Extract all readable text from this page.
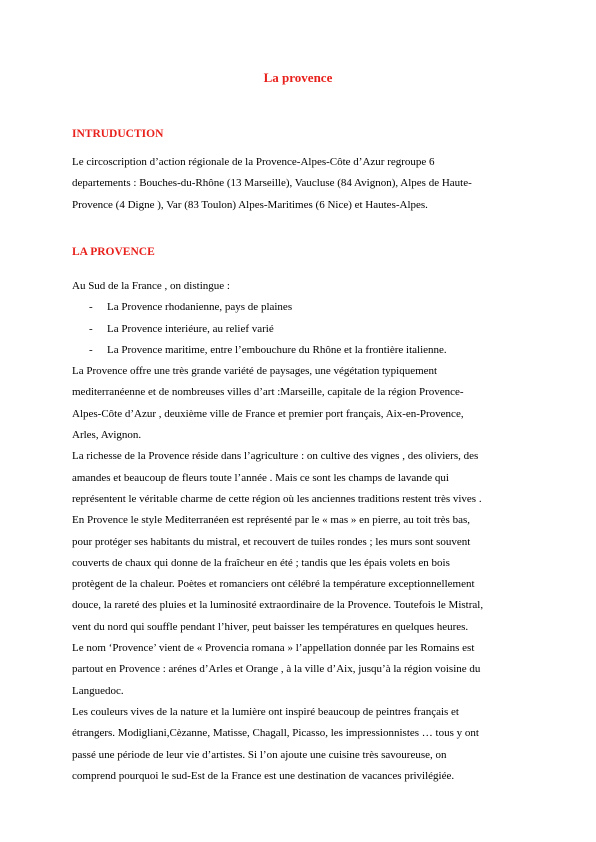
La provence
INTRUDUCTION
Le circoscription d’action régionale de la Provence-Alpes-Côte d’Azur regroupe 6
departements : Bouches-du-Rhône (13 Marseille), Vaucluse (84 Avignon), Alpes de Haute-
Provence (4 Digne ), Var (83 Toulon) Alpes-Maritimes (6 Nice) et Hautes-Alpes.
LA PROVENCE
Au Sud de la France , on distingue :
- La Provence rhodanienne, pays de plaines
- La Provence interiéure, au relief varié
- La Provence maritime, entre l’embouchure du Rhône et la frontière italienne.
La Provence offre une très grande variété de paysages, une végétation typiquement
mediterranéenne et de nombreuses villes d’art :Marseille, capitale de la région Provence-
Alpes-Côte d’Azur , deuxième ville de France et premier port français, Aix-en-Provence,
Arles, Avignon.
La richesse de la Provence réside dans l’agriculture : on cultive des vignes , des oliviers, des
amandes et beaucoup de fleurs toute l’année . Mais ce sont les champs de lavande qui
représentent le véritable charme de cette région où les anciennes traditions restent très vives .
En Provence le style Mediterranéen est représenté par le « mas » en pierre, au toit très bas,
pour protéger ses habitants du mistral, et recouvert de tuiles rondes ; les murs sont souvent
couverts de chaux qui donne de la fraîcheur en été ; tandis que les épais volets en bois
protègent de la chaleur. Poètes et romanciers ont célébré la température exceptionnellement
douce, la rareté des pluies et la luminosité extraordinaire de la Provence. Toutefois le Mistral,
vent du nord qui souffle pendant l’hiver, peut baisser les températures en quelques heures.
Le nom ‘Provence’ vient de « Provencia romana » l’appellation donnée par les Romains est
partout en Provence : arénes d’Arles et Orange , à la ville d’Aix, jusqu’à la région voisine du
Languedoc.
Les couleurs vives de la nature et la lumière ont inspiré beaucoup de peintres français et
étrangers. Modigliani,Cèzanne, Matisse, Chagall, Picasso, les impressionnistes … tous y ont
passé une période de leur vie d’artistes. Si l’on ajoute une cuisine très savoureuse, on
comprend pourquoi le sud-Est de la France est une destination de vacances privilégiée.
